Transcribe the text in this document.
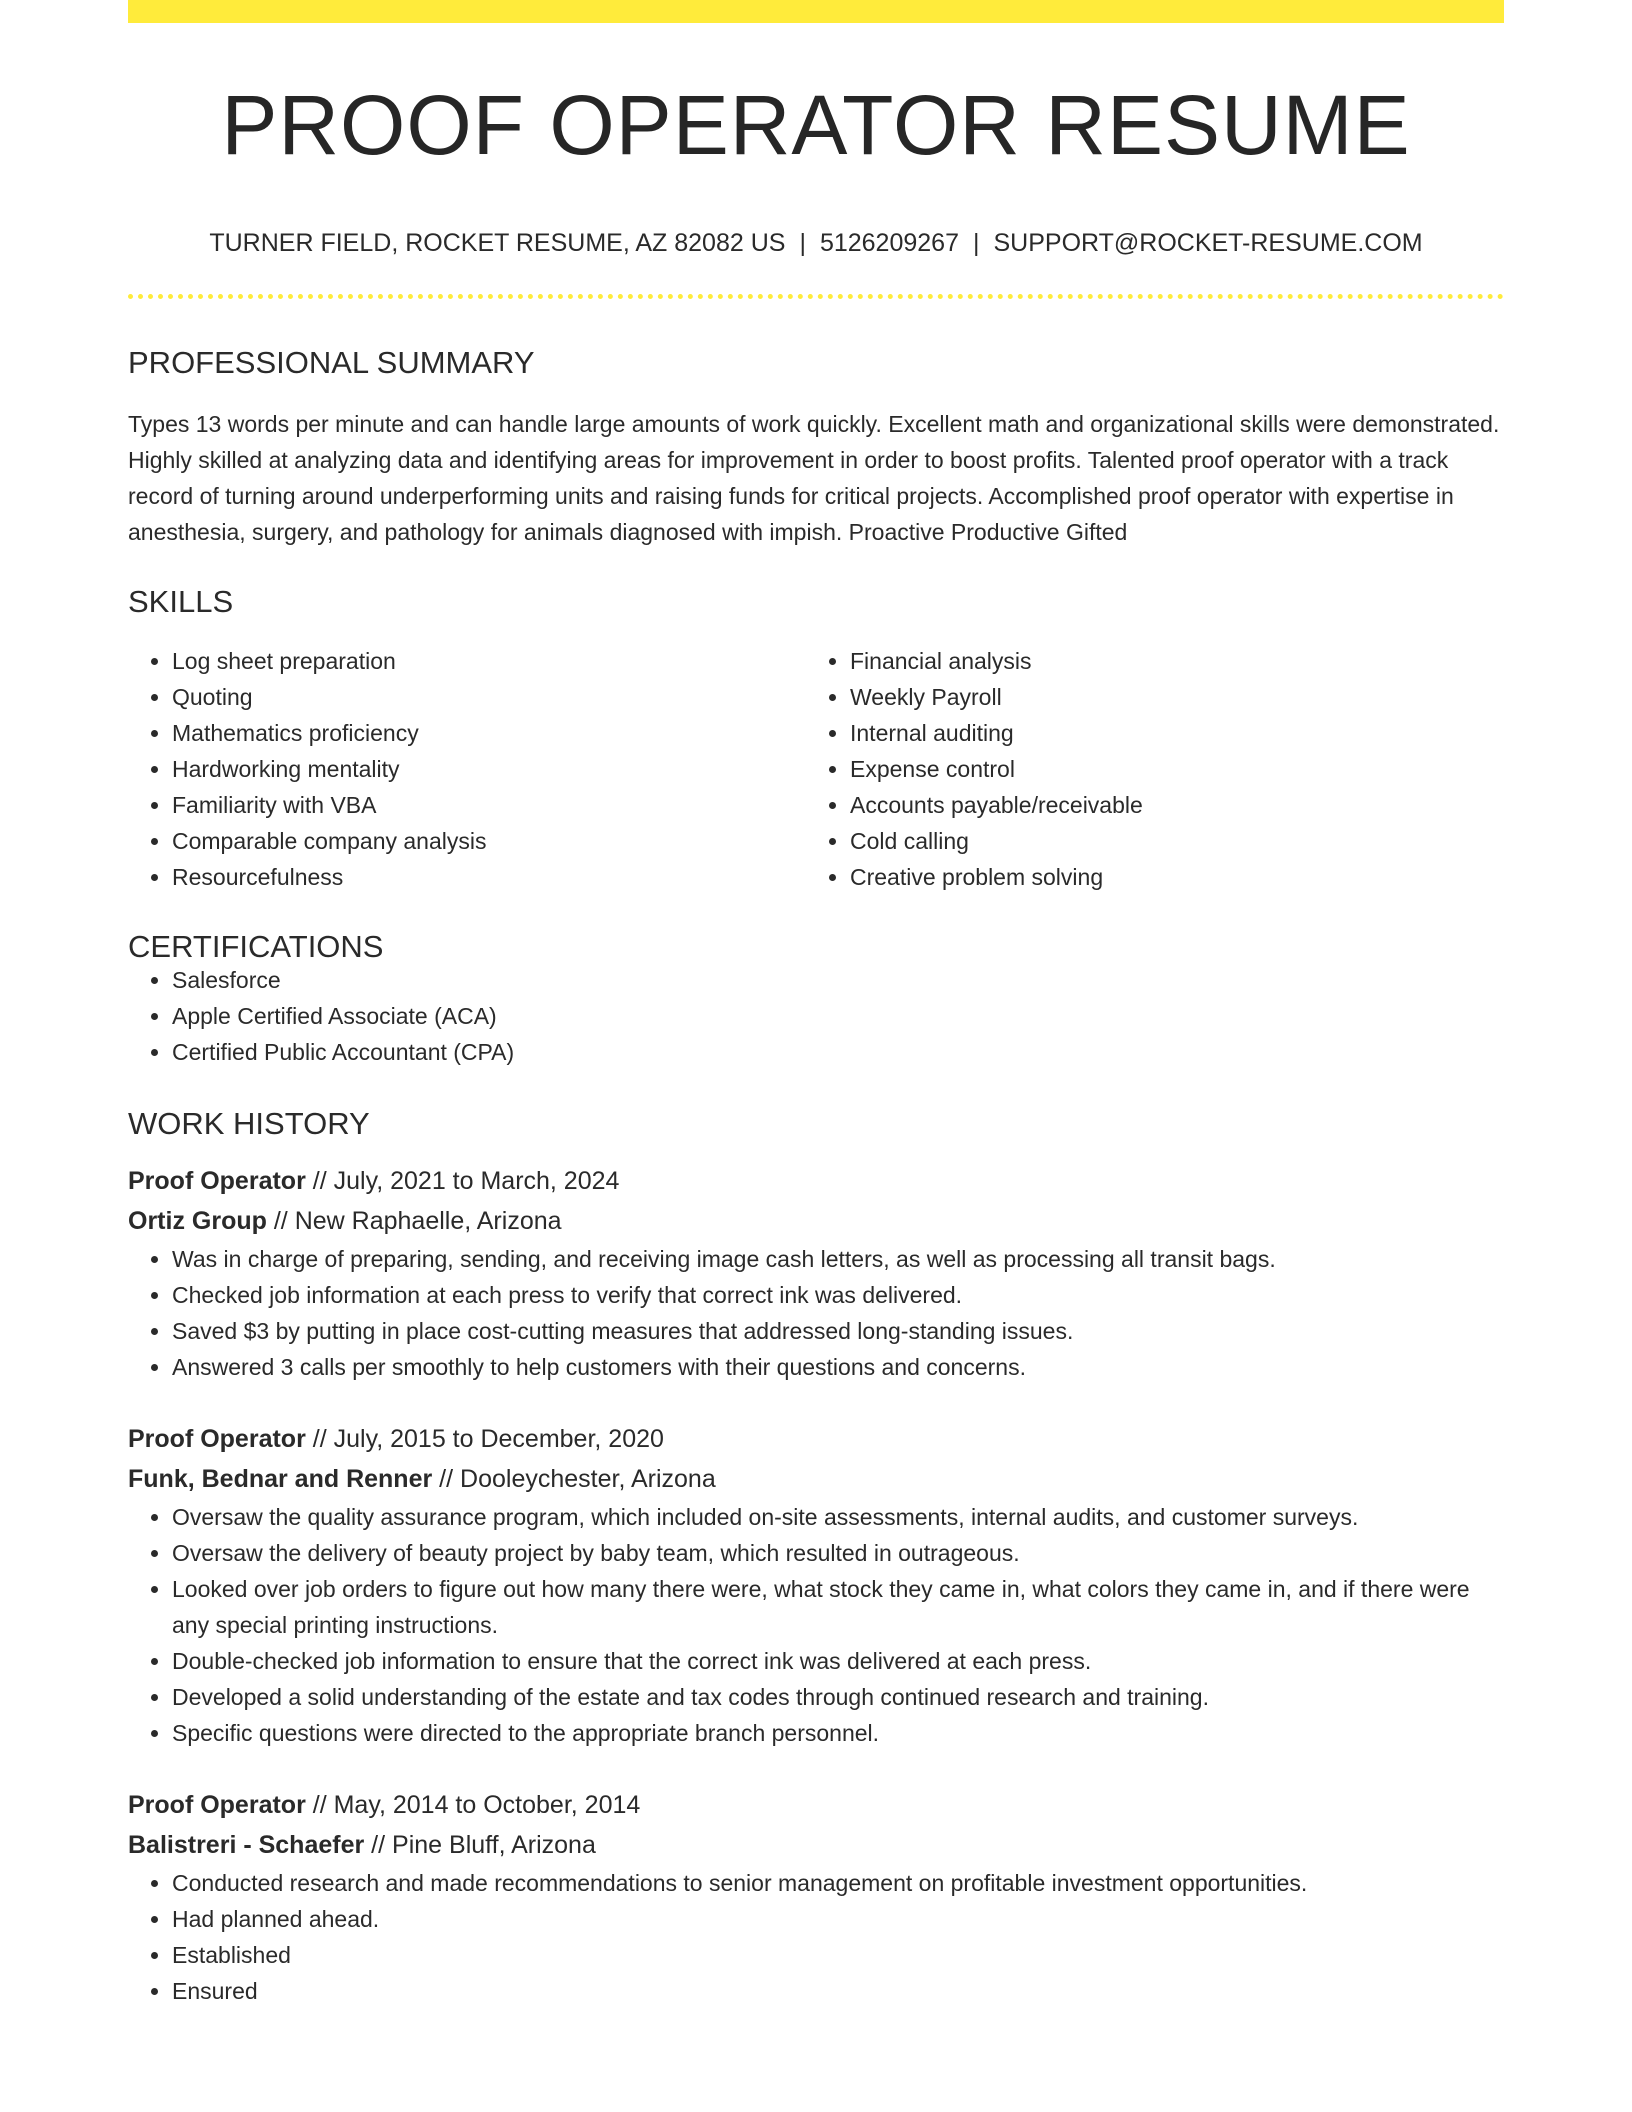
PROOF OPERATOR RESUME
TURNER FIELD, ROCKET RESUME, AZ 82082 US | 5126209267 | SUPPORT@ROCKET-RESUME.COM
PROFESSIONAL SUMMARY

Types 13 words per minute and can handle large amounts of work quickly. Excellent math and organizational skills were demonstrated. Highly skilled at analyzing data and identifying areas for improvement in order to boost profits. Talented proof operator with a track record of turning around underperforming units and raising funds for critical projects. Accomplished proof operator with expertise in anesthesia, surgery, and pathology for animals diagnosed with impish. Proactive Productive Gifted

SKILLS
• Log sheet preparation
• Quoting
• Mathematics proficiency
• Hardworking mentality
• Familiarity with VBA
• Comparable company analysis
• Resourcefulness
• Financial analysis
• Weekly Payroll
• Internal auditing
• Expense control
• Accounts payable/receivable
• Cold calling
• Creative problem solving
CERTIFICATIONS
• Salesforce
• Apple Certified Associate (ACA)
• Certified Public Accountant (CPA)
WORK HISTORY
Proof Operator // July, 2021 to March, 2024
Ortiz Group // New Raphaelle, Arizona
• Was in charge of preparing, sending, and receiving image cash letters, as well as processing all transit bags.
• Checked job information at each press to verify that correct ink was delivered.
• Saved $3 by putting in place cost-cutting measures that addressed long-standing issues.
• Answered 3 calls per smoothly to help customers with their questions and concerns.
Proof Operator // July, 2015 to December, 2020
Funk, Bednar and Renner // Dooleychester, Arizona
• Oversaw the quality assurance program, which included on-site assessments, internal audits, and customer surveys.
• Oversaw the delivery of beauty project by baby team, which resulted in outrageous.
• Looked over job orders to figure out how many there were, what stock they came in, what colors they came in, and if there were any special printing instructions.
• Double-checked job information to ensure that the correct ink was delivered at each press.
• Developed a solid understanding of the estate and tax codes through continued research and training.
• Specific questions were directed to the appropriate branch personnel.
Proof Operator // May, 2014 to October, 2014
Balistreri - Schaefer // Pine Bluff, Arizona
• Conducted research and made recommendations to senior management on profitable investment opportunities.
• Had planned ahead.
• Established
• Ensured
